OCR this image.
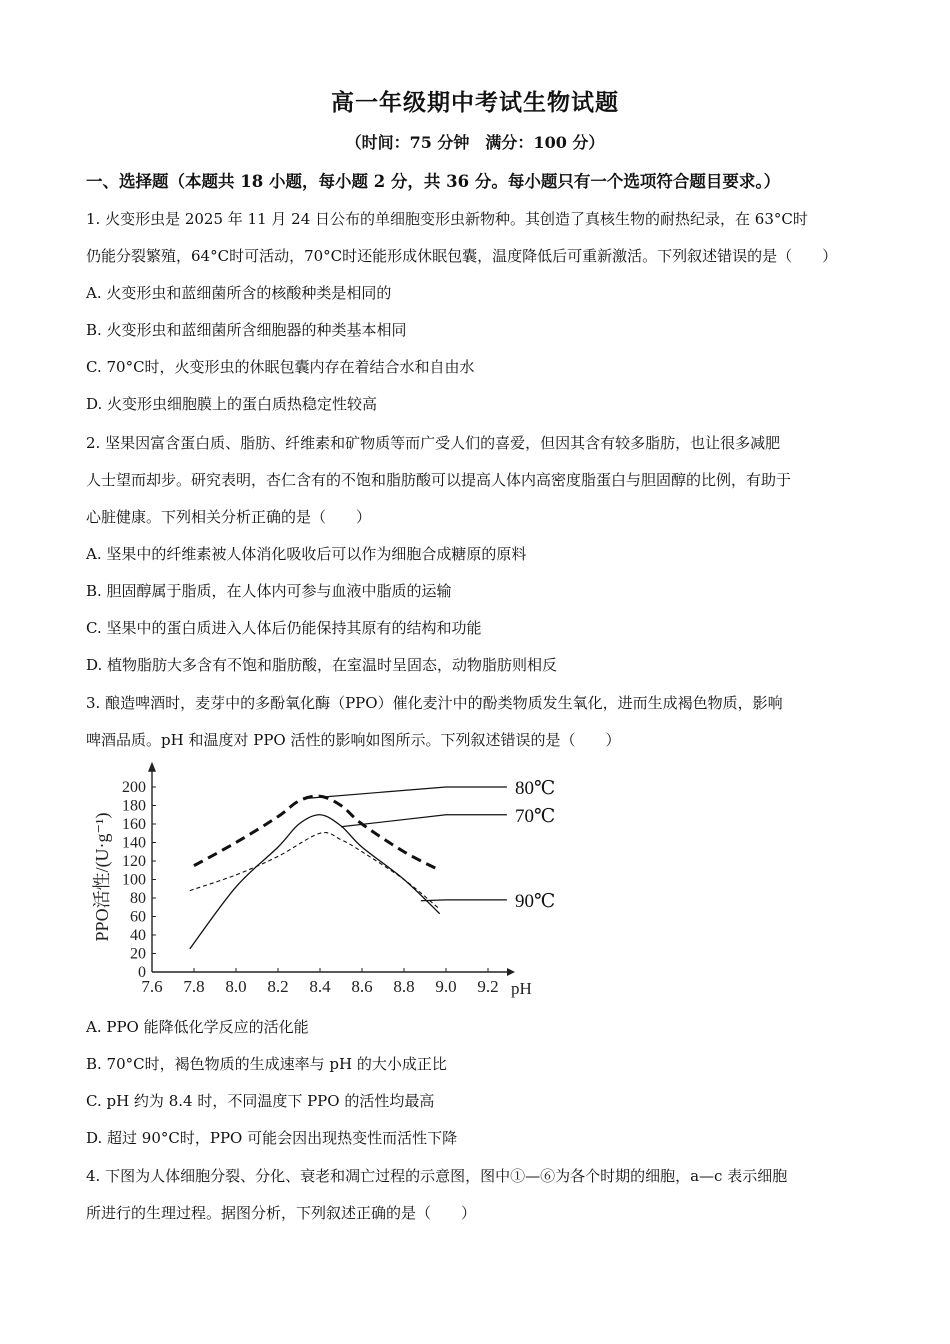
高一年级期中考试生物试题
（时间：75 分钟　满分：100 分）
一、选择题（本题共 18 小题，每小题 2 分，共 36 分。每小题只有一个选项符合题目要求。）
1. 火变形虫是 2025 年 11 月 24 日公布的单细胞变形虫新物种。其创造了真核生物的耐热纪录，在 63°C时
仍能分裂繁殖，64°C时可活动，70°C时还能形成休眠包囊，温度降低后可重新激活。下列叙述错误的是（　　）
A. 火变形虫和蓝细菌所含的核酸种类是相同的
B. 火变形虫和蓝细菌所含细胞器的种类基本相同
C. 70°C时，火变形虫的休眠包囊内存在着结合水和自由水
D. 火变形虫细胞膜上的蛋白质热稳定性较高
2. 坚果因富含蛋白质、脂肪、纤维素和矿物质等而广受人们的喜爱，但因其含有较多脂肪，也让很多减肥
人士望而却步。研究表明，杏仁含有的不饱和脂肪酸可以提高人体内高密度脂蛋白与胆固醇的比例，有助于
心脏健康。下列相关分析正确的是（　　）
A. 坚果中的纤维素被人体消化吸收后可以作为细胞合成糖原的原料
B. 胆固醇属于脂质，在人体内可参与血液中脂质的运输
C. 坚果中的蛋白质进入人体后仍能保持其原有的结构和功能
D. 植物脂肪大多含有不饱和脂肪酸，在室温时呈固态，动物脂肪则相反
3. 酿造啤酒时，麦芽中的多酚氧化酶（PPO）催化麦汁中的酚类物质发生氧化，进而生成褐色物质，影响
啤酒品质。pH 和温度对 PPO 活性的影响如图所示。下列叙述错误的是（　　）
7.6 7.8 8.0 8.2 8.4 8.6 8.8 9.0 9.2
0
20
40
60
80
100
120
140
160
180
200
pH
PPO活性/(U·g⁻¹)
80℃
70℃
90℃
A. PPO 能降低化学反应的活化能
B. 70°C时，褐色物质的生成速率与 pH 的大小成正比
C. pH 约为 8.4 时，不同温度下 PPO 的活性均最高
D. 超过 90°C时，PPO 可能会因出现热变性而活性下降
4. 下图为人体细胞分裂、分化、衰老和凋亡过程的示意图，图中①—⑥为各个时期的细胞，a—c 表示细胞
所进行的生理过程。据图分析，下列叙述正确的是（　　）
